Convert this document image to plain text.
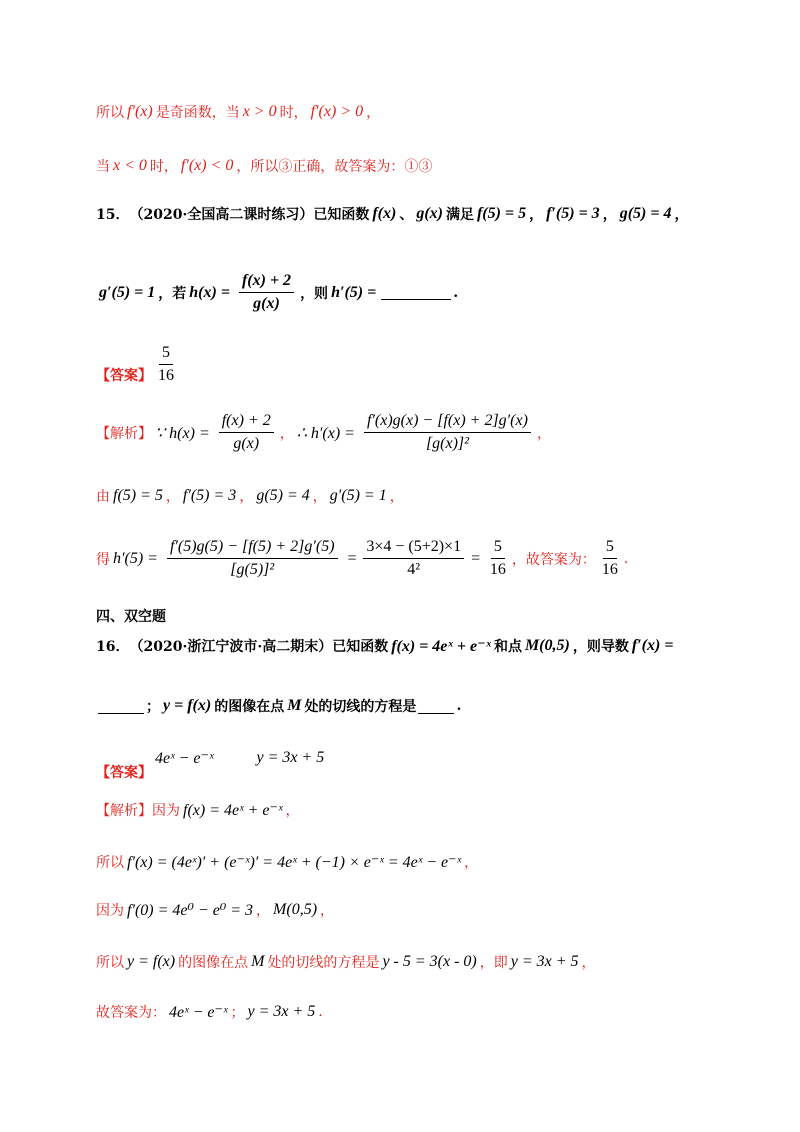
所以 f′(x) 是奇函数，当 x > 0 时， f′(x) > 0 ，
当 x < 0 时， f′(x) < 0 ，所以③正确，故答案为：①③
15． （2020·全国高二课时练习） 已知函数 f(x) 、 g(x) 满足 f(5) = 5 ， f′(5) = 3 ， g(5) = 4 ，
g′(5) = 1 ，若 $h(x) = \frac{f(x) + 2}{g(x)}$ ，则 h′(5) =	.
【答案】 $\frac{5}{16}$
【解析】 ∵ $h(x) = \frac{f(x) + 2}{g(x)}$ ， ∴ $h'(x) = \frac{f'(x)g(x) - [f(x) + 2]g'(x)}{\text{[g(x)]²}}$ ，
由 f(5) = 5 ， f′(5) = 3 ， g(5) = 4 ， g′(5) = 1 ，
得 $h'(5) = \frac{f'(5)g(5) - [f(5) + 2]g'(5)}{\text{[g(5)]²}} = \frac{3\times 4 - (5+2)\times 1}{\text{4²}} = \frac{5}{16}$ ，故答案为： $\frac{5}{16}$ .
四、双空题
16． （2020·浙江宁波市·高二期末） 已知函数 f(x) = 4eˣ + e⁻ˣ 和点 M(0,5) ，则导数 f′(x) =
； y = f(x) 的图像在点 M 处的切线的方程是	.
【答案】
4eˣ − e⁻ˣ	y = 3x + 5
【解析】 因为 f(x) = 4eˣ + e⁻ˣ ，
所以 f′(x) = (4eˣ)′ + (e⁻ˣ)′ = 4eˣ + (−1) × e⁻ˣ = 4eˣ − e⁻ˣ ，
因为 f′(0) = 4e⁰ − e⁰ = 3 ， M(0,5) ，
所以 y = f(x) 的图像在点 M 处的切线的方程是 y - 5 = 3(x - 0) ，即 y = 3x + 5 ，
故答案为： 4eˣ − e⁻ˣ ； y = 3x + 5 .
